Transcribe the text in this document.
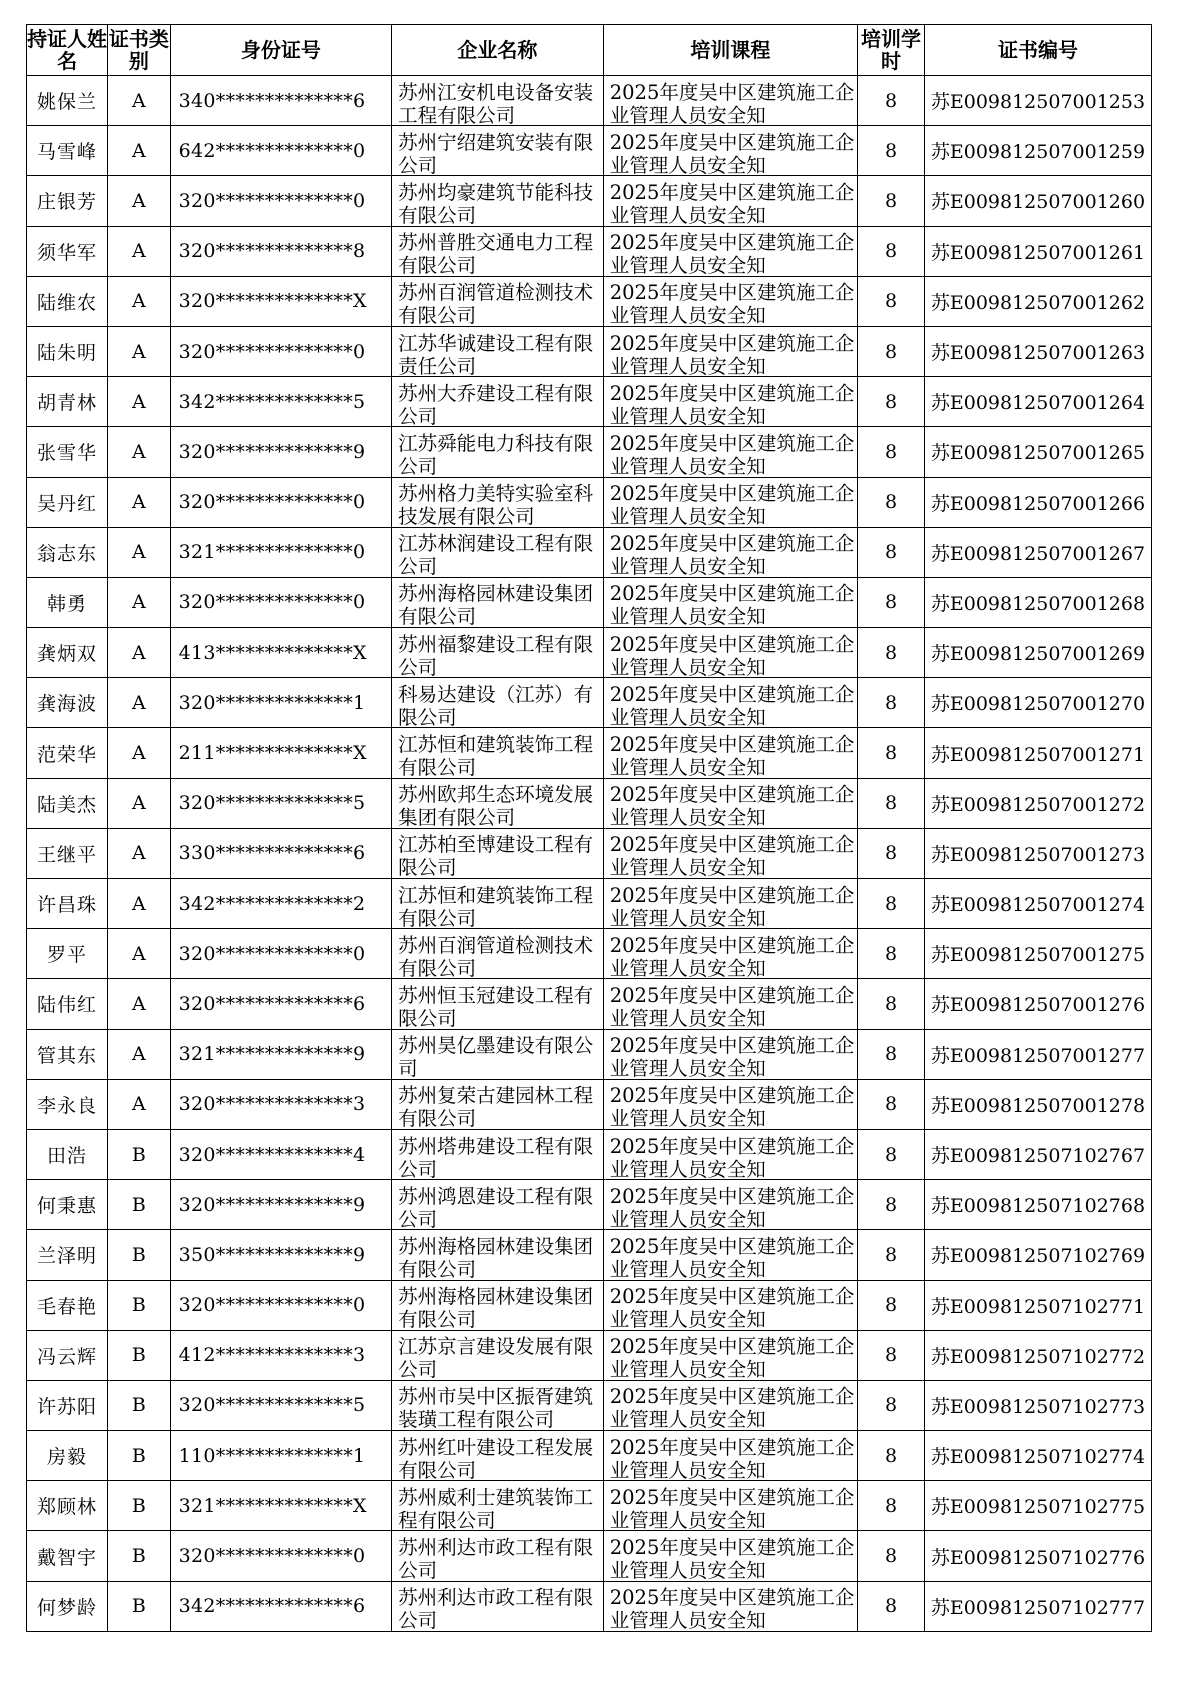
持证人姓名	证书类别	身份证号	企业名称	培训课程	培训学时	证书编号
姚保兰	A	340**************6	苏州江安机电设备安装工程有限公司	2025年度吴中区建筑施工企业管理人员安全知	8	苏E009812507001253
马雪峰	A	642**************0	苏州宁绍建筑安装有限公司	2025年度吴中区建筑施工企业管理人员安全知	8	苏E009812507001259
庄银芳	A	320**************0	苏州均豪建筑节能科技有限公司	2025年度吴中区建筑施工企业管理人员安全知	8	苏E009812507001260
须华军	A	320**************8	苏州普胜交通电力工程有限公司	2025年度吴中区建筑施工企业管理人员安全知	8	苏E009812507001261
陆维农	A	320**************X	苏州百润管道检测技术有限公司	2025年度吴中区建筑施工企业管理人员安全知	8	苏E009812507001262
陆朱明	A	320**************0	江苏华诚建设工程有限责任公司	2025年度吴中区建筑施工企业管理人员安全知	8	苏E009812507001263
胡青林	A	342**************5	苏州大乔建设工程有限公司	2025年度吴中区建筑施工企业管理人员安全知	8	苏E009812507001264
张雪华	A	320**************9	江苏舜能电力科技有限公司	2025年度吴中区建筑施工企业管理人员安全知	8	苏E009812507001265
吴丹红	A	320**************0	苏州格力美特实验室科技发展有限公司	2025年度吴中区建筑施工企业管理人员安全知	8	苏E009812507001266
翁志东	A	321**************0	江苏林润建设工程有限公司	2025年度吴中区建筑施工企业管理人员安全知	8	苏E009812507001267
韩勇	A	320**************0	苏州海格园林建设集团有限公司	2025年度吴中区建筑施工企业管理人员安全知	8	苏E009812507001268
龚炳双	A	413**************X	苏州福黎建设工程有限公司	2025年度吴中区建筑施工企业管理人员安全知	8	苏E009812507001269
龚海波	A	320**************1	科易达建设（江苏）有限公司	2025年度吴中区建筑施工企业管理人员安全知	8	苏E009812507001270
范荣华	A	211**************X	江苏恒和建筑装饰工程有限公司	2025年度吴中区建筑施工企业管理人员安全知	8	苏E009812507001271
陆美杰	A	320**************5	苏州欧邦生态环境发展集团有限公司	2025年度吴中区建筑施工企业管理人员安全知	8	苏E009812507001272
王继平	A	330**************6	江苏柏至博建设工程有限公司	2025年度吴中区建筑施工企业管理人员安全知	8	苏E009812507001273
许昌珠	A	342**************2	江苏恒和建筑装饰工程有限公司	2025年度吴中区建筑施工企业管理人员安全知	8	苏E009812507001274
罗平	A	320**************0	苏州百润管道检测技术有限公司	2025年度吴中区建筑施工企业管理人员安全知	8	苏E009812507001275
陆伟红	A	320**************6	苏州恒玉冠建设工程有限公司	2025年度吴中区建筑施工企业管理人员安全知	8	苏E009812507001276
管其东	A	321**************9	苏州昊亿墨建设有限公司	2025年度吴中区建筑施工企业管理人员安全知	8	苏E009812507001277
李永良	A	320**************3	苏州复荣古建园林工程有限公司	2025年度吴中区建筑施工企业管理人员安全知	8	苏E009812507001278
田浩	B	320**************4	苏州塔弗建设工程有限公司	2025年度吴中区建筑施工企业管理人员安全知	8	苏E009812507102767
何秉惠	B	320**************9	苏州鸿恩建设工程有限公司	2025年度吴中区建筑施工企业管理人员安全知	8	苏E009812507102768
兰泽明	B	350**************9	苏州海格园林建设集团有限公司	2025年度吴中区建筑施工企业管理人员安全知	8	苏E009812507102769
毛春艳	B	320**************0	苏州海格园林建设集团有限公司	2025年度吴中区建筑施工企业管理人员安全知	8	苏E009812507102771
冯云辉	B	412**************3	江苏京言建设发展有限公司	2025年度吴中区建筑施工企业管理人员安全知	8	苏E009812507102772
许苏阳	B	320**************5	苏州市吴中区振胥建筑装璜工程有限公司	2025年度吴中区建筑施工企业管理人员安全知	8	苏E009812507102773
房毅	B	110**************1	苏州红叶建设工程发展有限公司	2025年度吴中区建筑施工企业管理人员安全知	8	苏E009812507102774
郑顾林	B	321**************X	苏州威利士建筑装饰工程有限公司	2025年度吴中区建筑施工企业管理人员安全知	8	苏E009812507102775
戴智宇	B	320**************0	苏州利达市政工程有限公司	2025年度吴中区建筑施工企业管理人员安全知	8	苏E009812507102776
何梦龄	B	342**************6	苏州利达市政工程有限公司	2025年度吴中区建筑施工企业管理人员安全知	8	苏E009812507102777
